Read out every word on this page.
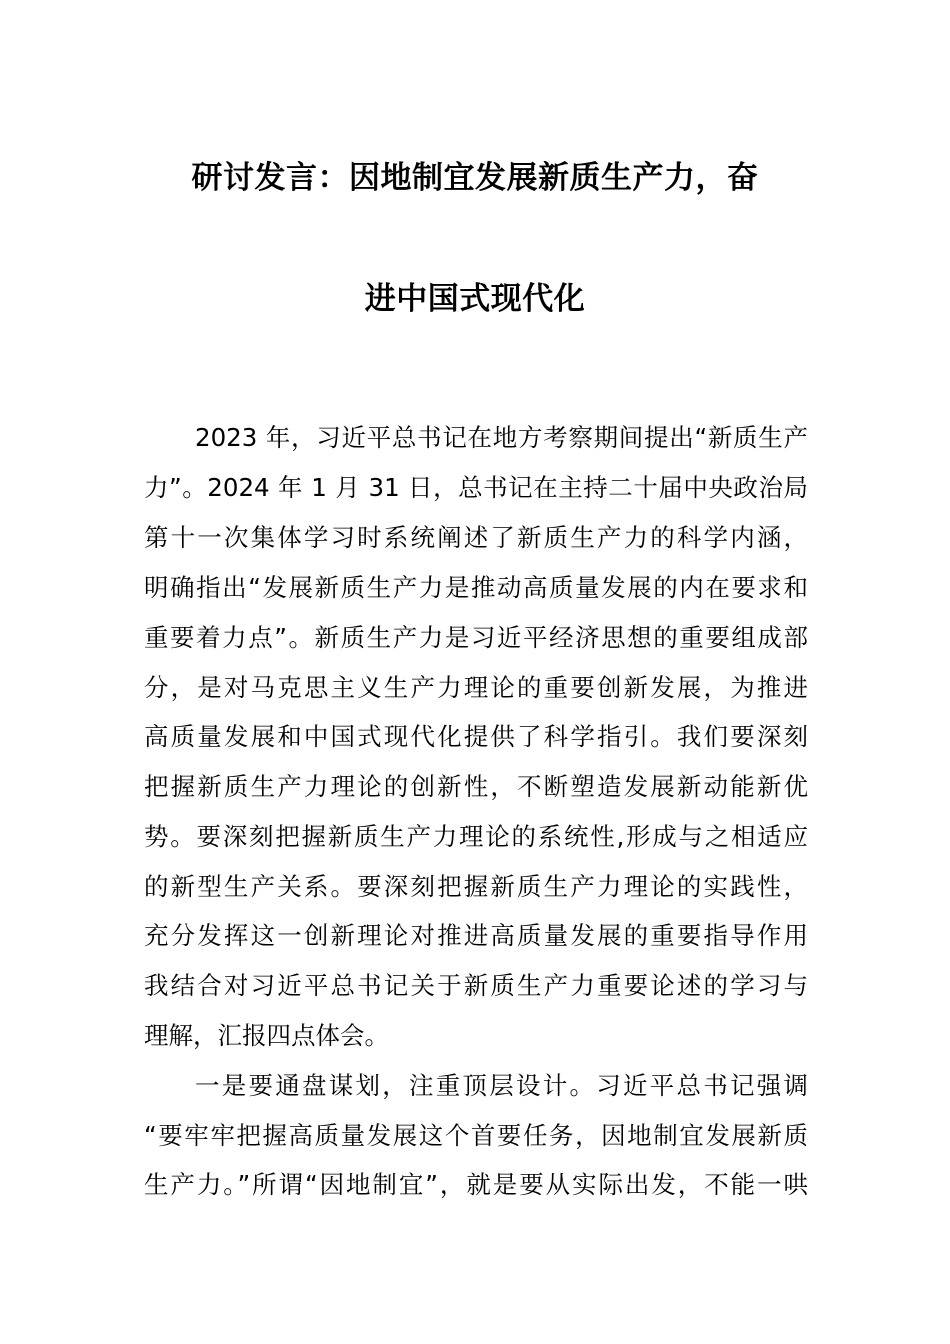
研讨发言：因地制宜发展新质生产力，奋
进中国式现代化
2023 年，习近平总书记在地方考察期间提出“新质生产
力”。2024 年 1 月 31 日，总书记在主持二十届中央政治局
第十一次集体学习时系统阐述了新质生产力的科学内涵，
明确指出“发展新质生产力是推动高质量发展的内在要求和
重要着力点”。新质生产力是习近平经济思想的重要组成部
分，是对马克思主义生产力理论的重要创新发展，为推进
高质量发展和中国式现代化提供了科学指引。我们要深刻
把握新质生产力理论的创新性，不断塑造发展新动能新优
势。要深刻把握新质生产力理论的系统性,形成与之相适应
的新型生产关系。要深刻把握新质生产力理论的实践性，
充分发挥这一创新理论对推进高质量发展的重要指导作用
我结合对习近平总书记关于新质生产力重要论述的学习与
理解，汇报四点体会。
一是要通盘谋划，注重顶层设计。习近平总书记强调
“要牢牢把握高质量发展这个首要任务，因地制宜发展新质
生产力。”所谓“因地制宜”，就是要从实际出发，不能一哄
